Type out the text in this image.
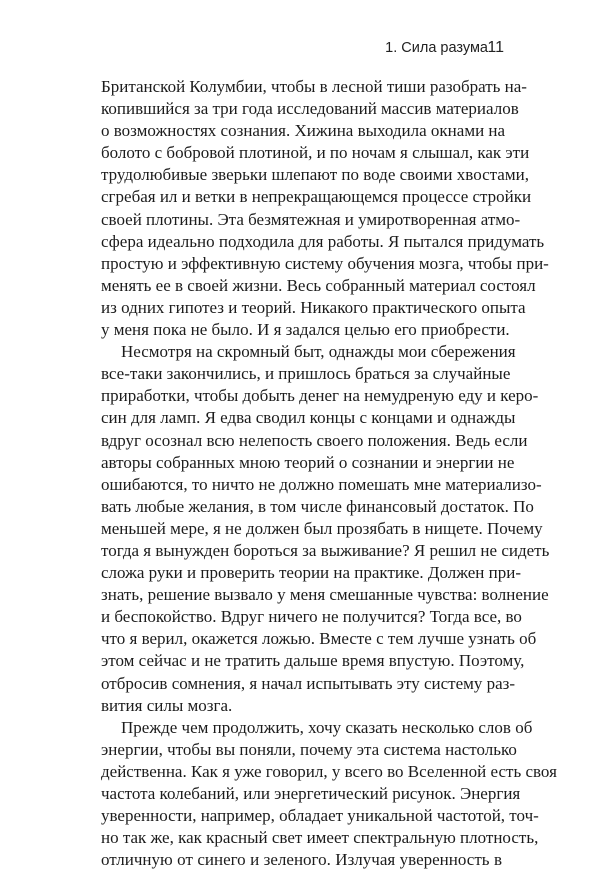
1. Сила разума 11
Британской Колумбии, чтобы в лесной тиши разобрать на-
копившийся за три года исследований массив материалов
о возможностях сознания. Хижина выходила окнами на
болото с бобровой плотиной, и по ночам я слышал, как эти
трудолюбивые зверьки шлепают по воде своими хвостами,
сгребая ил и ветки в непрекращающемся процессе стройки
своей плотины. Эта безмятежная и умиротворенная атмо-
сфера идеально подходила для работы. Я пытался придумать
простую и эффективную систему обучения мозга, чтобы при-
менять ее в своей жизни. Весь собранный материал состоял
из одних гипотез и теорий. Никакого практического опыта
у меня пока не было. И я задался целью его приобрести.
Несмотря на скромный быт, однажды мои сбережения
все-таки закончились, и пришлось браться за случайные
приработки, чтобы добыть денег на немудреную еду и керо-
син для ламп. Я едва сводил концы с концами и однажды
вдруг осознал всю нелепость своего положения. Ведь если
авторы собранных мною теорий о сознании и энергии не
ошибаются, то ничто не должно помешать мне материализо-
вать любые желания, в том числе финансовый достаток. По
меньшей мере, я не должен был прозябать в нищете. Почему
тогда я вынужден бороться за выживание? Я решил не сидеть
сложа руки и проверить теории на практике. Должен при-
знать, решение вызвало у меня смешанные чувства: волнение
и беспокойство. Вдруг ничего не получится? Тогда все, во
что я верил, окажется ложью. Вместе с тем лучше узнать об
этом сейчас и не тратить дальше время впустую. Поэтому,
отбросив сомнения, я начал испытывать эту систему раз-
вития силы мозга.
Прежде чем продолжить, хочу сказать несколько слов об
энергии, чтобы вы поняли, почему эта система настолько
действенна. Как я уже говорил, у всего во Вселенной есть своя
частота колебаний, или энергетический рисунок. Энергия
уверенности, например, обладает уникальной частотой, точ-
но так же, как красный свет имеет спектральную плотность,
отличную от синего и зеленого. Излучая уверенность в
